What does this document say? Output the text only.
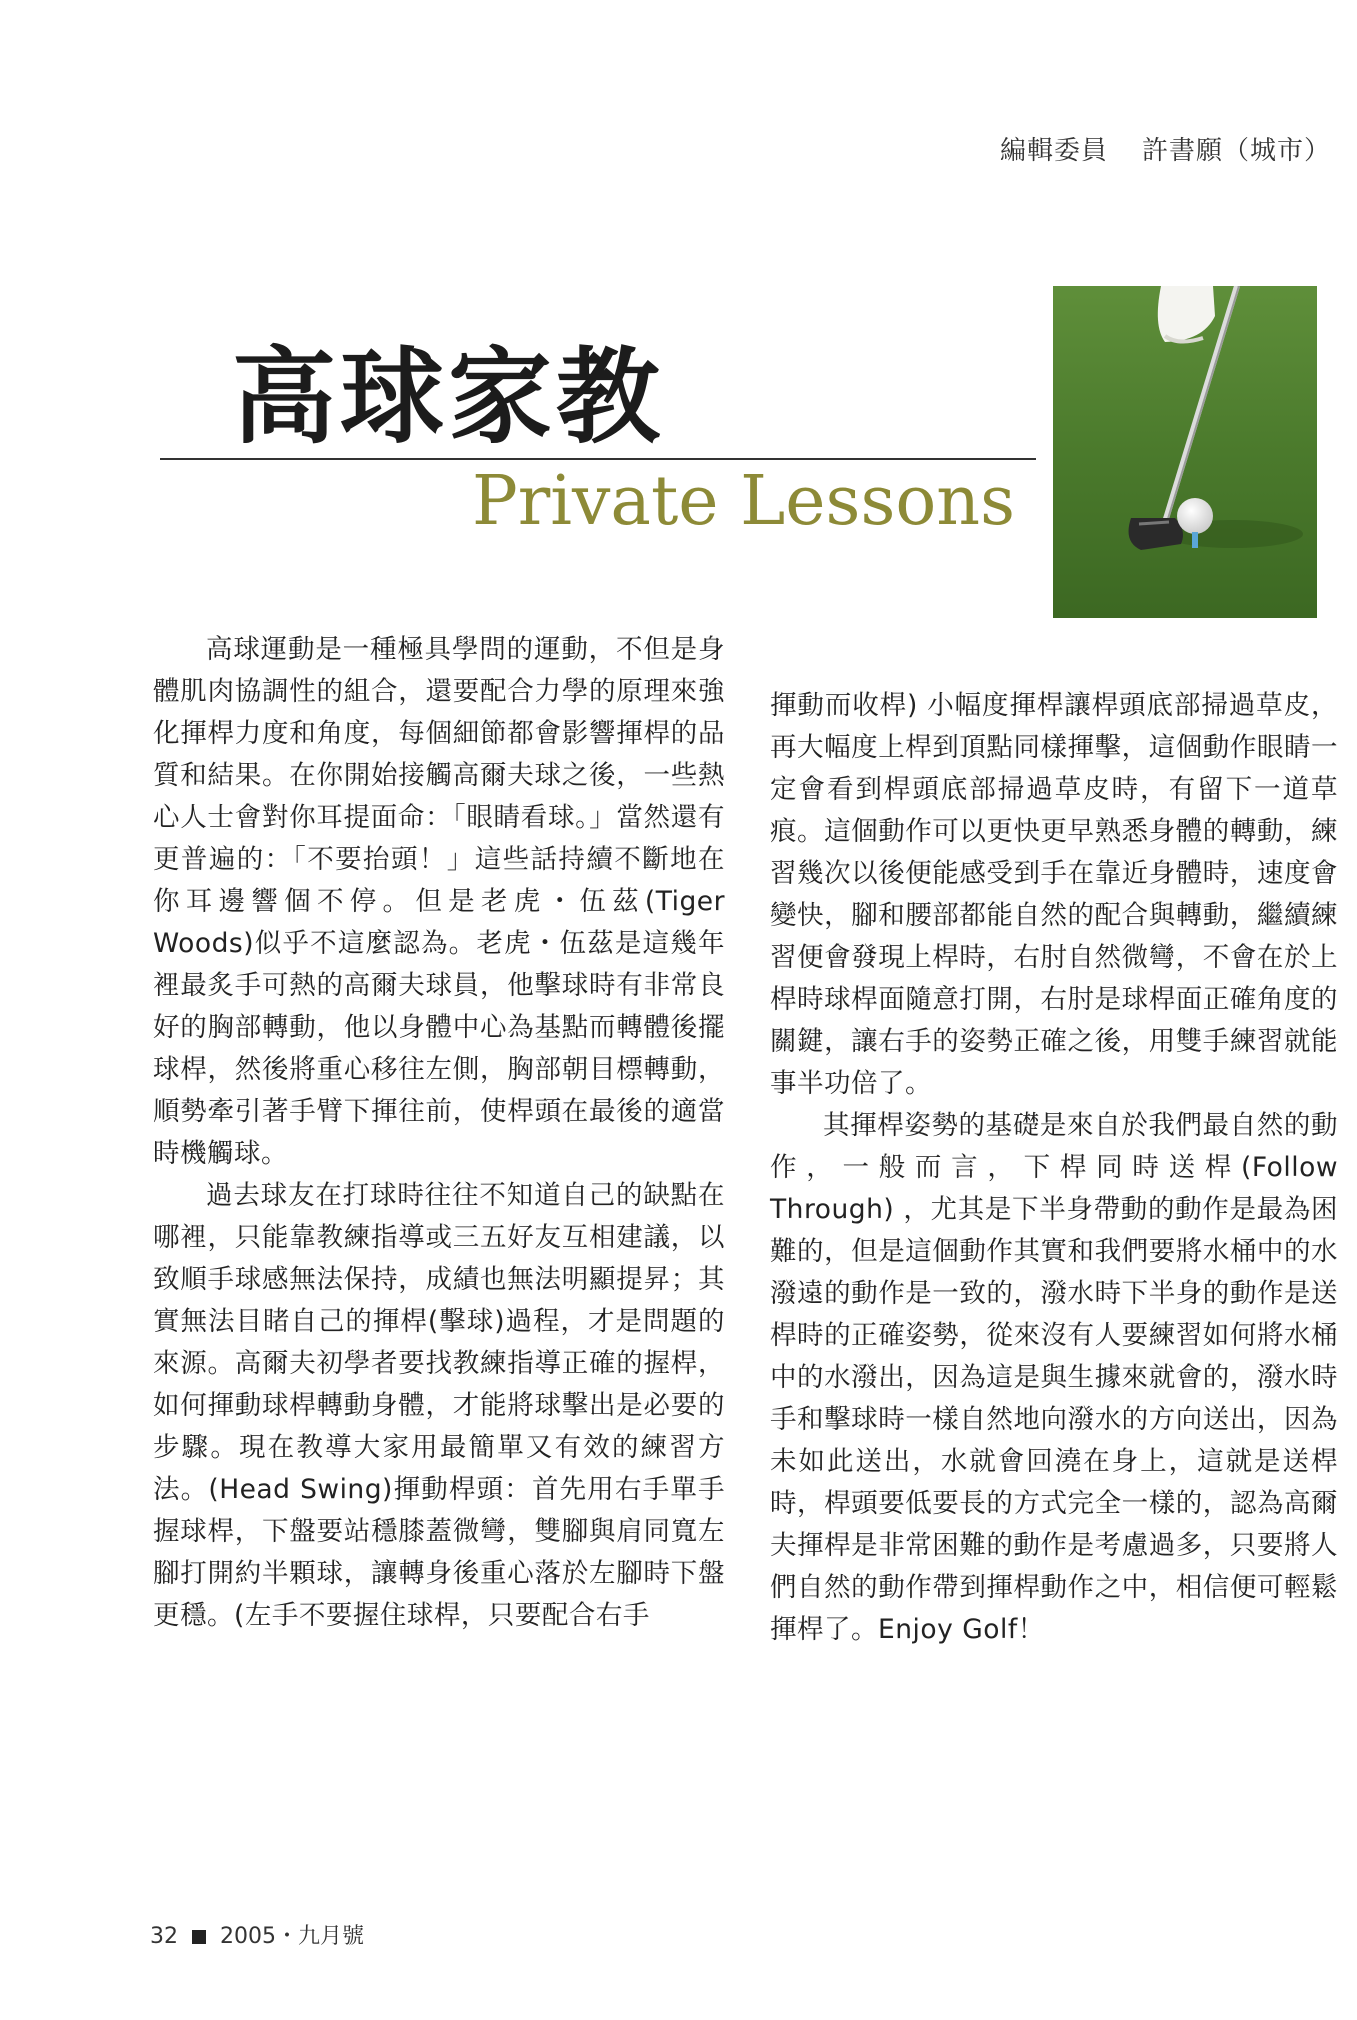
編輯委員 許書願（城市）
高球家教
Private Lessons

高球運動是一種極具學問的運動，不但是身體肌肉協調性的組合，還要配合力學的原理來強化揮桿力度和角度，每個細節都會影響揮桿的品質和結果。在你開始接觸高爾夫球之後，一些熱心人士會對你耳提面命：「眼睛看球。」當然還有更普遍的：「不要抬頭！」這些話持續不斷地在你耳邊響個不停。但是老虎・伍茲(Tiger Woods)似乎不這麼認為。老虎・伍茲是這幾年裡最炙手可熱的高爾夫球員，他擊球時有非常良好的胸部轉動，他以身體中心為基點而轉體後擺球桿，然後將重心移往左側，胸部朝目標轉動，順勢牽引著手臂下揮往前，使桿頭在最後的適當時機觸球。

過去球友在打球時往往不知道自己的缺點在哪裡，只能靠教練指導或三五好友互相建議，以致順手球感無法保持，成績也無法明顯提昇；其實無法目睹自己的揮桿(擊球)過程，才是問題的來源。高爾夫初學者要找教練指導正確的握桿，如何揮動球桿轉動身體，才能將球擊出是必要的步驟。現在教導大家用最簡單又有效的練習方法。(Head Swing)揮動桿頭：首先用右手單手握球桿，下盤要站穩膝蓋微彎，雙腳與肩同寬左腳打開約半顆球，讓轉身後重心落於左腳時下盤更穩。(左手不要握住球桿，只要配合右手

揮動而收桿) 小幅度揮桿讓桿頭底部掃過草皮，再大幅度上桿到頂點同樣揮擊，這個動作眼睛一定會看到桿頭底部掃過草皮時，有留下一道草痕。這個動作可以更快更早熟悉身體的轉動，練習幾次以後便能感受到手在靠近身體時，速度會變快，腳和腰部都能自然的配合與轉動，繼續練習便會發現上桿時，右肘自然微彎，不會在於上桿時球桿面隨意打開，右肘是球桿面正確角度的關鍵，讓右手的姿勢正確之後，用雙手練習就能事半功倍了。

其揮桿姿勢的基礎是來自於我們最自然的動作，一般而言，下桿同時送桿(Follow Through) ，尤其是下半身帶動的動作是最為困難的，但是這個動作其實和我們要將水桶中的水潑遠的動作是一致的，潑水時下半身的動作是送桿時的正確姿勢，從來沒有人要練習如何將水桶中的水潑出，因為這是與生據來就會的，潑水時手和擊球時一樣自然地向潑水的方向送出，因為未如此送出，水就會回澆在身上，這就是送桿時，桿頭要低要長的方式完全一樣的，認為高爾夫揮桿是非常困難的動作是考慮過多，只要將人們自然的動作帶到揮桿動作之中，相信便可輕鬆揮桿了。Enjoy Golf！

32 2005・九月號
